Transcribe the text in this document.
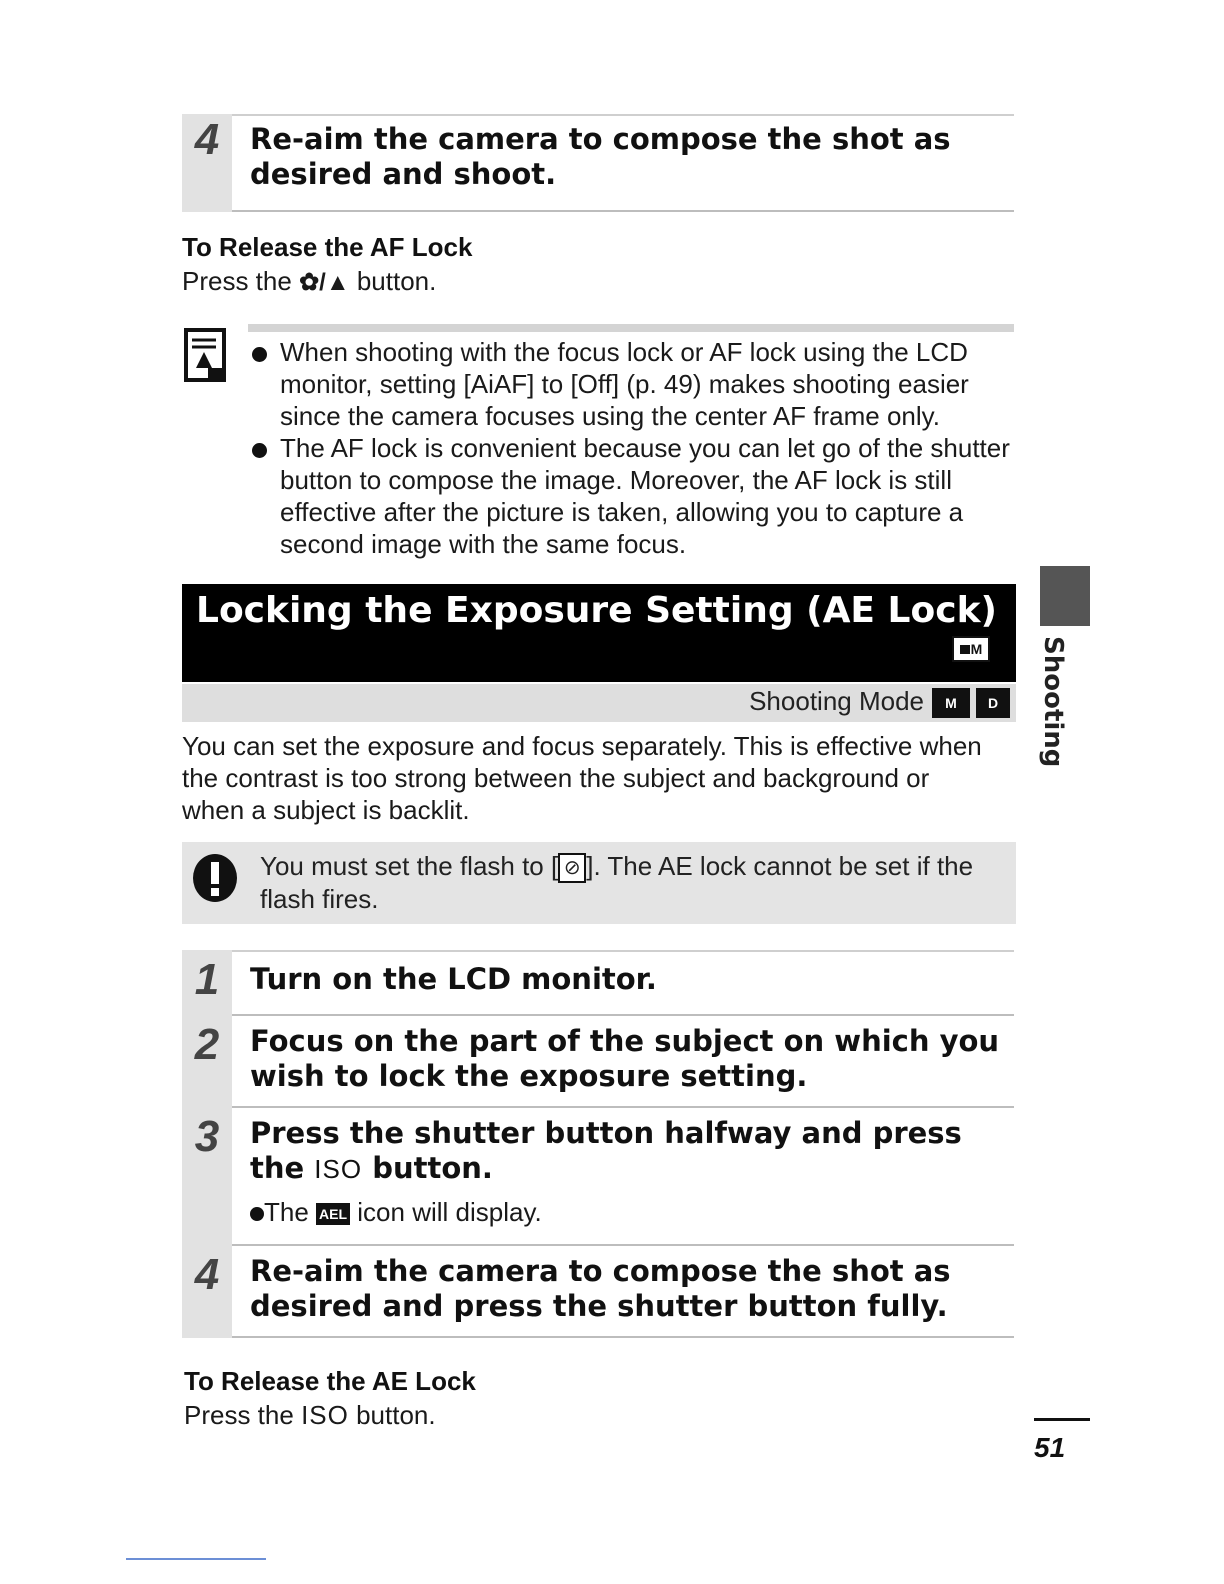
4	Re-aim the camera to compose the shot as desired and shoot.
To Release the AF Lock
Press the ✿/▲ button.
When shooting with the focus lock or AF lock using the LCD monitor, setting [AiAF] to [Off] (p. 49) makes shooting easier since the camera focuses using the center AF frame only.
The AF lock is convenient because you can let go of the shutter button to compose the image. Moreover, the AF lock is still effective after the picture is taken, allowing you to capture a second image with the same focus.
Locking the Exposure Setting (AE Lock)
M
Shooting Mode	M	D
You can set the exposure and focus separately. This is effective when the contrast is too strong between the subject and background or when a subject is backlit.
You must set the flash to [ ⊘ ]. The AE lock cannot be set if the flash fires.
1	Turn on the LCD monitor.
2	Focus on the part of the subject on which you wish to lock the exposure setting.
3	Press the shutter button halfway and press the ISO button.
The AEL icon will display.
4	Re-aim the camera to compose the shot as desired and press the shutter button fully.
To Release the AE Lock
Press the ISO button.
Shooting
51
